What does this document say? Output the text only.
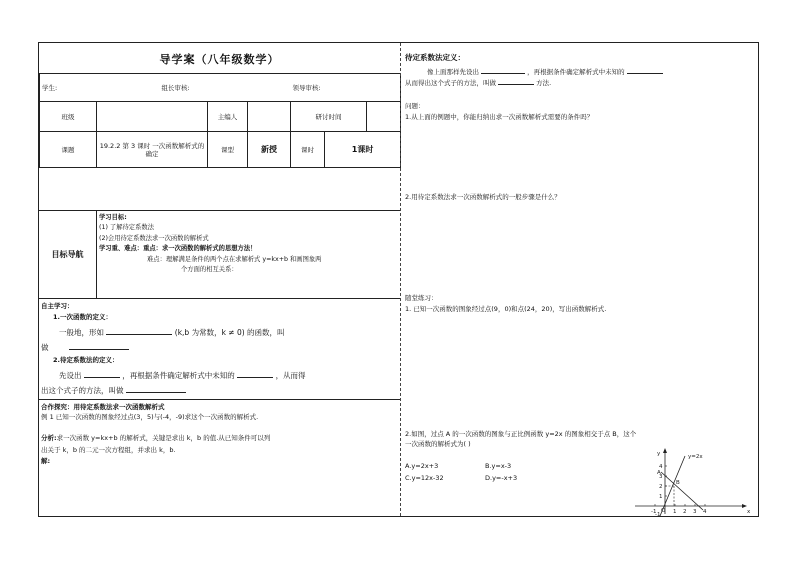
导学案（八年级数学）
学生:		组长审核:			领导审核:		
班级			主编人		研讨时间		
课题	19.2.2 第 3 课时 一次函数解析式的确定		课型	新授	课时	1课时	
目标导航
学习目标:
(1) 了解待定系数法
(2)会用待定系数法求一次函数的解析式
学习重、难点：重点：求一次函数的解析式的思想方法！
难点：理解满足条件的两个点在求解析式 y=kx+b 和画图象两
个方面的相互关系：
自主学习：
1.一次函数的定义：
一般地，形如	(k,b 为常数，k ≠ 0) 的函数，叫
做
2.待定系数法的定义：
先设出	，再根据条件确定解析式中未知的	，从而得
出这个式子的方法，叫做
合作探究：用待定系数法求一次函数解析式
例 1 已知一次函数的图象经过点(3，5)与(-4，-9)求这个一次函数的解析式.
分析:求一次函数 y=kx+b 的解析式，关键是求出 k，b 的值.从已知条件可以列
出关于 k，b 的二元一次方程组，并求出 k，b.
解:
待定系数法定义：
像上面那样先设出	，再根据条件确定解析式中未知的
从而得出这个式子的方法，叫做	方法.
问题：
1.从上面的例题中，你能归纳出求一次函数解析式需要的条件吗？
2.用待定系数法求一次函数解析式的一般步骤是什么？
随堂练习：
1. 已知一次函数的图象经过点(9，0)和点(24，20)，写出函数解析式.
2.如图，过点 A 的一次函数的图象与正比例函数 y=2x 的图象相交于点 B，这个
一次函数的解析式为( )
A.y=2x+3	B.y=x-3
C.y=12x-32	D.y=-x+3
y=2x
A
B
O	x
y
-1	1 2 3 4
1
2
3
4
-1
